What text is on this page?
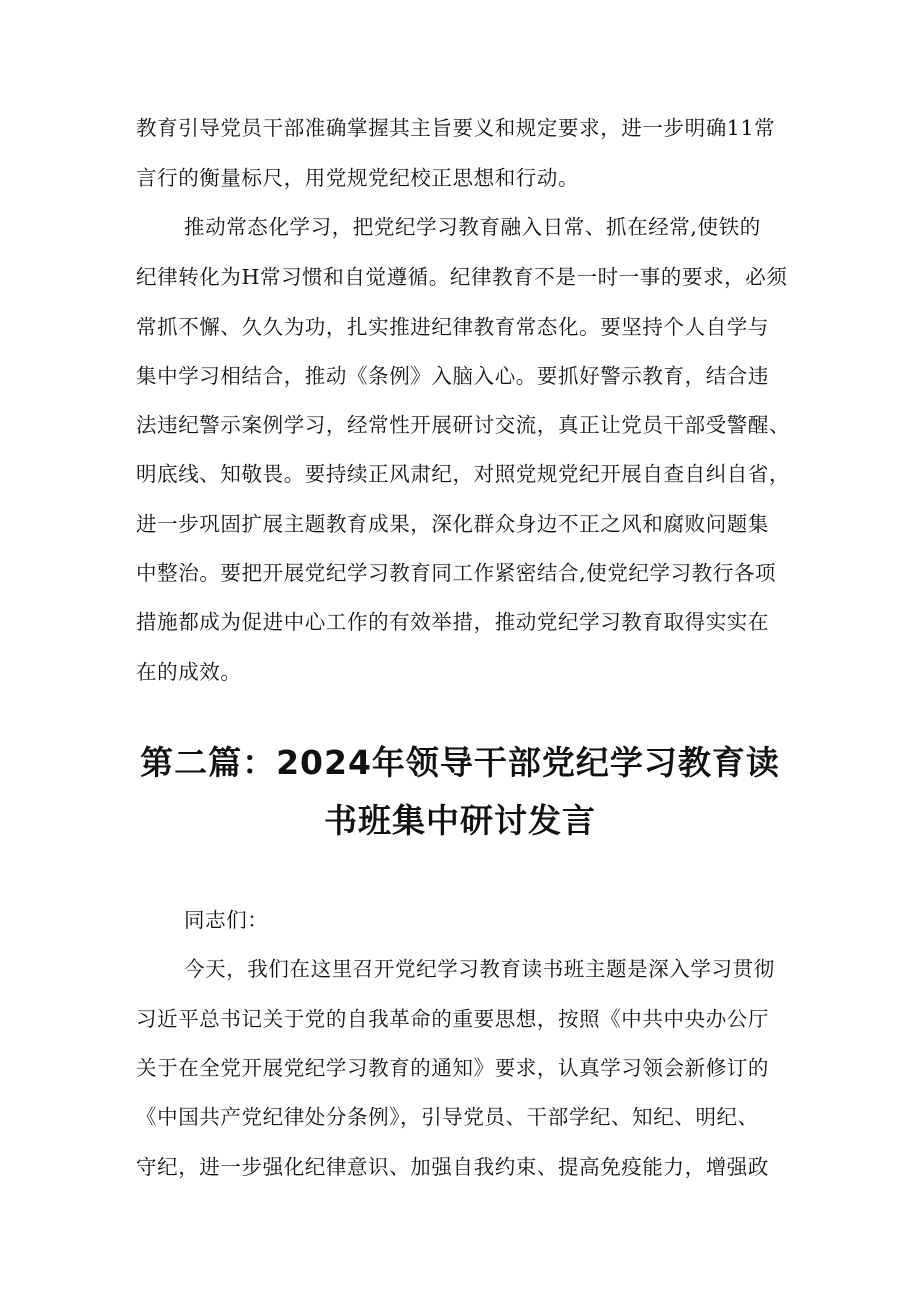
教育引导党员干部准确掌握其主旨要义和规定要求，进一步明确11常
言行的衡量标尺，用党规党纪校正思想和行动。
推动常态化学习，把党纪学习教育融入日常、抓在经常,使铁的
纪律转化为H常习惯和自觉遵循。纪律教育不是一时一事的要求，必须
常抓不懈、久久为功，扎实推进纪律教育常态化。要坚持个人自学与
集中学习相结合，推动《条例》入脑入心。要抓好警示教育，结合违
法违纪警示案例学习，经常性开展研讨交流，真正让党员干部受警醒、
明底线、知敬畏。要持续正风肃纪，对照党规党纪开展自查自纠自省，
进一步巩固扩展主题教育成果，深化群众身边不正之风和腐败问题集
中整治。要把开展党纪学习教育同工作紧密结合,使党纪学习教行各项
措施都成为促进中心工作的有效举措，推动党纪学习教育取得实实在
在的成效。
第二篇：2024年领导干部党纪学习教育读
书班集中研讨发言
同志们：
今天，我们在这里召开党纪学习教育读书班主题是深入学习贯彻
习近平总书记关于党的自我革命的重要思想，按照《中共中央办公厅
关于在全党开展党纪学习教育的通知》要求，认真学习领会新修订的
《中国共产党纪律处分条例》，引导党员、干部学纪、知纪、明纪、
守纪，进一步强化纪律意识、加强自我约束、提高免疫能力，增强政
